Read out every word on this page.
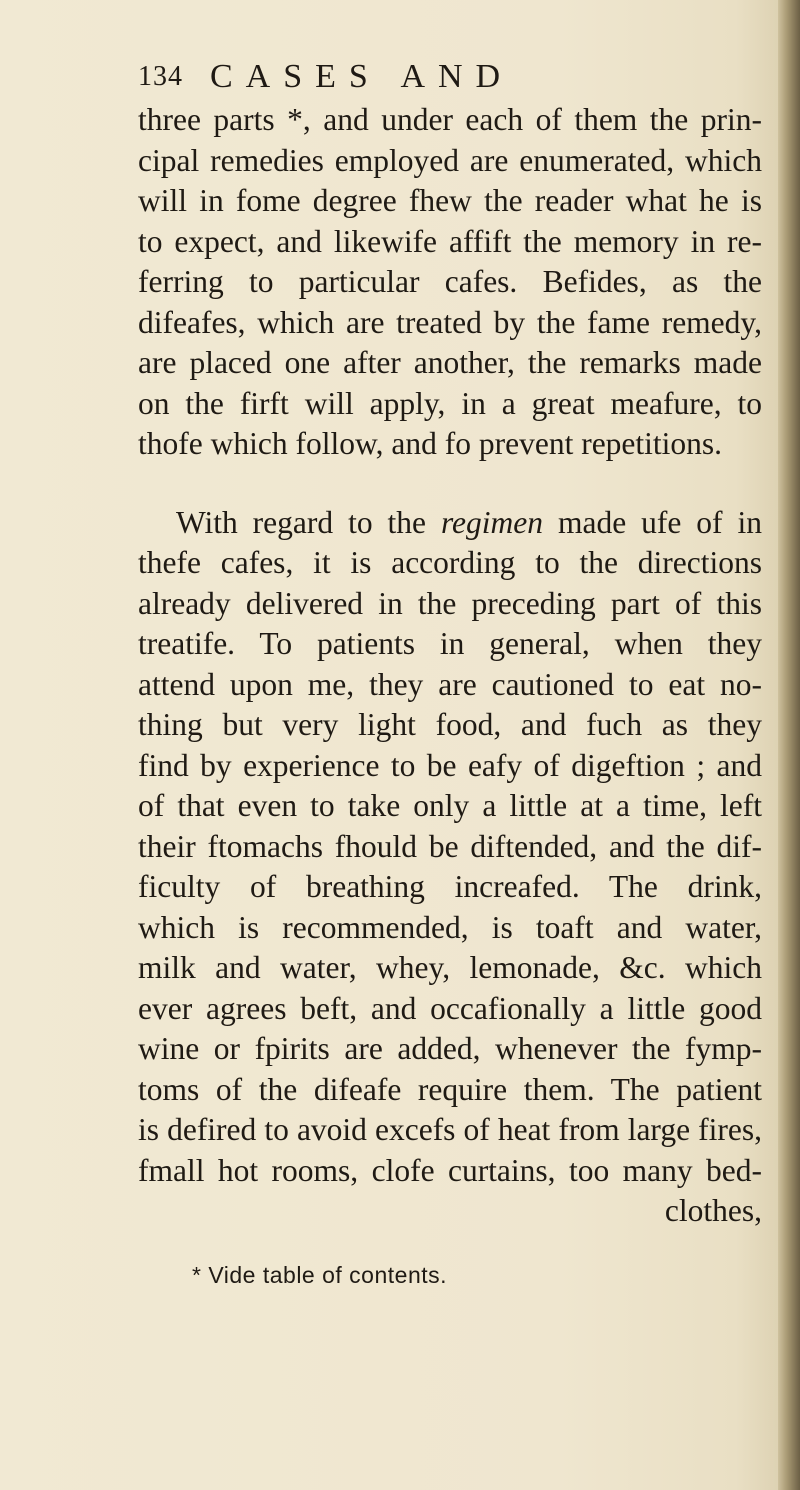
134 CASES AND
three parts *, and under each of them the prin-
cipal remedies employed are enumerated, which
will in fome degree fhew the reader what he is
to expect, and likewife affift the memory in re-
ferring to particular cafes. Befides, as the
difeafes, which are treated by the fame remedy,
are placed one after another, the remarks made
on the firft will apply, in a great meafure, to
thofe which follow, and fo prevent repetitions.
With regard to the regimen made ufe of in
thefe cafes, it is according to the directions
already delivered in the preceding part of this
treatife. To patients in general, when they
attend upon me, they are cautioned to eat no-
thing but very light food, and fuch as they
find by experience to be eafy of digeftion ; and
of that even to take only a little at a time, left
their ftomachs fhould be diftended, and the dif-
ficulty of breathing increafed. The drink,
which is recommended, is toaft and water,
milk and water, whey, lemonade, &c. which
ever agrees beft, and occafionally a little good
wine or fpirits are added, whenever the fymp-
toms of the difeafe require them. The patient
is defired to avoid excefs of heat from large fires,
fmall hot rooms, clofe curtains, too many bed-
clothes,
* Vide table of contents.
